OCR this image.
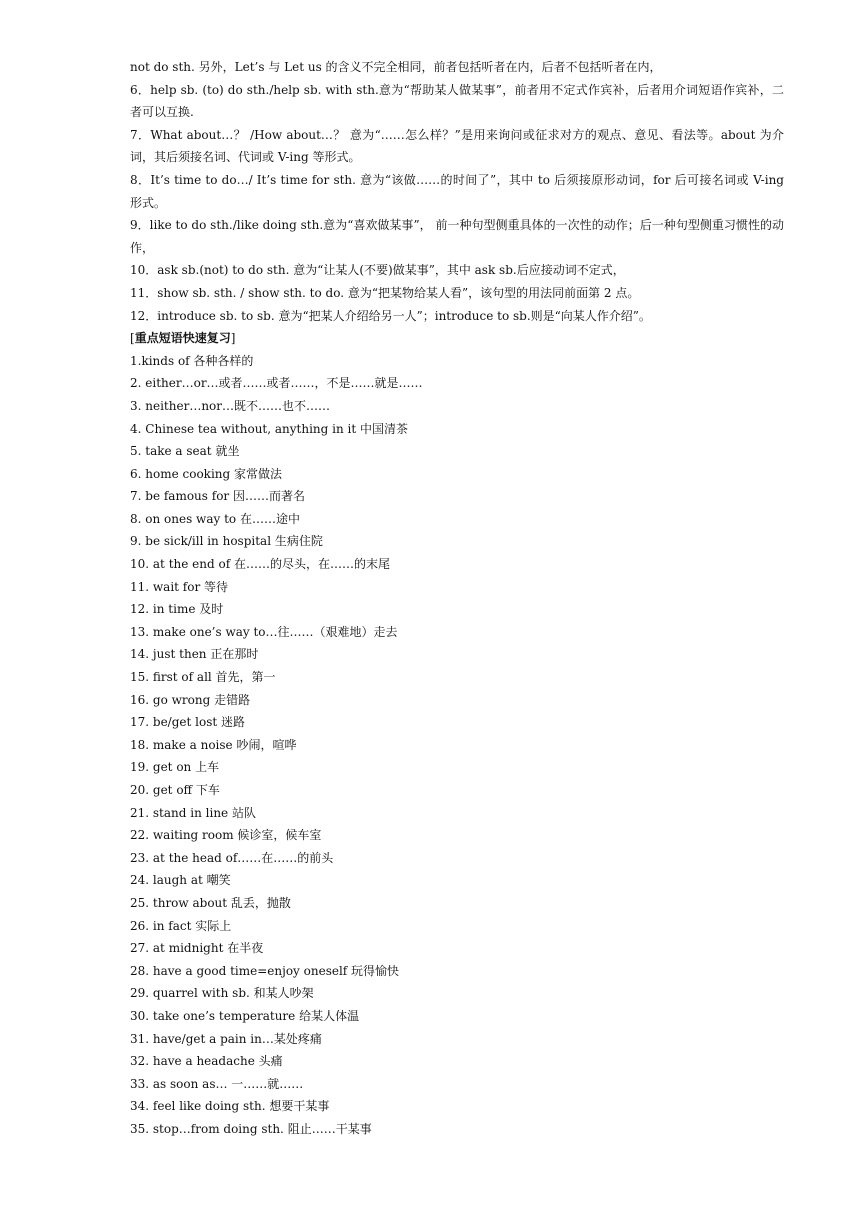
not do sth. 另外，Let’s 与 Let us 的含义不完全相同，前者包括听者在内，后者不包括听者在内，

6．help sb. (to) do sth./help sb. with sth.意为“帮助某人做某事”，前者用不定式作宾补，后者用介词短语作宾补，二者可以互换.

7．What about…？ /How about…？ 意为“……怎么样？”是用来询问或征求对方的观点、意见、看法等。about 为介词，其后须接名词、代词或 V-ing 等形式。

8．It’s time to do…/ It’s time for sth. 意为“该做……的时间了”，其中 to 后须接原形动词，for 后可接名词或 V-ing 形式。

9．like to do sth./like doing sth.意为“喜欢做某事”， 前一种句型侧重具体的一次性的动作；后一种句型侧重习惯性的动作，

10．ask sb.(not) to do sth. 意为“让某人(不要)做某事”，其中 ask sb.后应接动词不定式，

11．show sb. sth. / show sth. to do. 意为“把某物给某人看”，该句型的用法同前面第 2 点。

12．introduce sb. to sb. 意为“把某人介绍给另一人”；introduce to sb.则是“向某人作介绍”。

[重点短语快速复习]

1.kinds of 各种各样的
2. either…or…或者……或者……，不是……就是……
3. neither…nor…既不……也不……
4. Chinese tea without, anything in it 中国清茶
5. take a seat 就坐
6. home cooking 家常做法
7. be famous for 因……而著名
8. on ones way to 在……途中
9. be sick/ill in hospital 生病住院
10. at the end of 在……的尽头，在……的末尾
11. wait for 等待
12. in time 及时
13. make one’s way to…往……（艰难地）走去
14. just then 正在那时
15. first of all 首先，第一
16. go wrong 走错路
17. be/get lost 迷路
18. make a noise 吵闹，喧哗
19. get on 上车
20. get off 下车
21. stand in line 站队
22. waiting room 候诊室，候车室
23. at the head of……在……的前头
24. laugh at 嘲笑
25. throw about 乱丢，抛散
26. in fact 实际上
27. at midnight 在半夜
28. have a good time=enjoy oneself 玩得愉快
29. quarrel with sb. 和某人吵架
30. take one’s temperature 给某人体温
31. have/get a pain in…某处疼痛
32. have a headache 头痛
33. as soon as… 一……就……
34. feel like doing sth. 想要干某事
35. stop…from doing sth. 阻止……干某事
